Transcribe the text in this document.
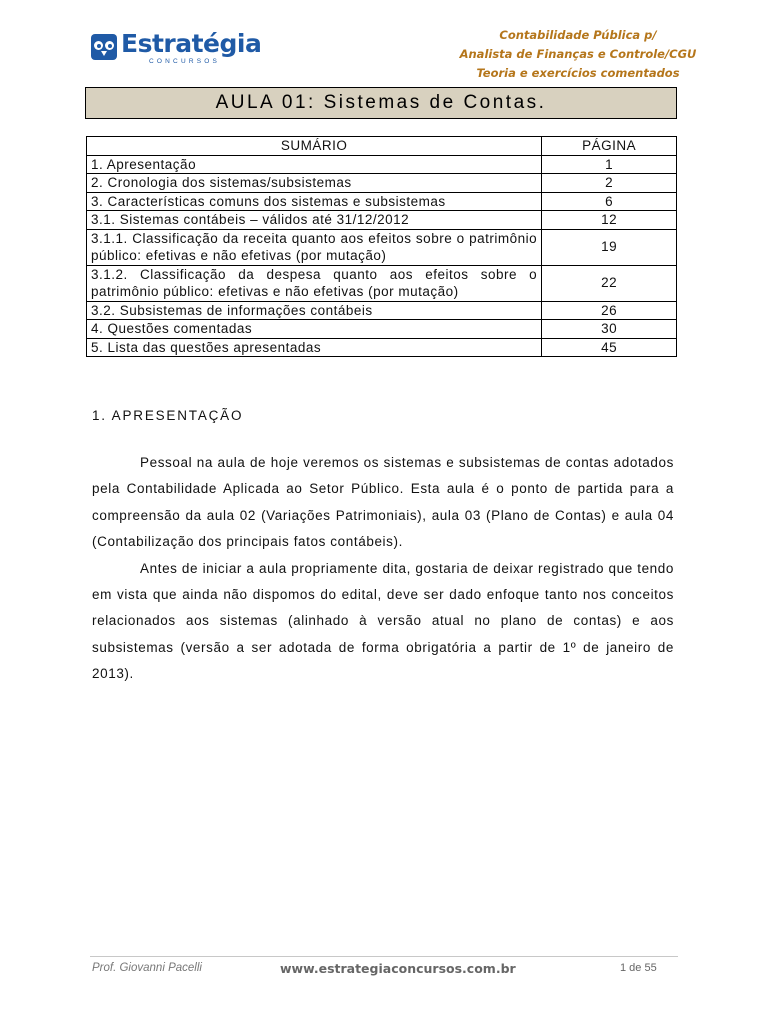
Estratégia
CONCURSOS
Contabilidade Pública p/
Analista de Finanças e Controle/CGU
Teoria e exercícios comentados
AULA 01: Sistemas de Contas.
SUMÁRIO	PÁGINA
1. Apresentação	1
2. Cronologia dos sistemas/subsistemas	2
3. Características comuns dos sistemas e subsistemas	6
3.1. Sistemas contábeis – válidos até 31/12/2012	12
3.1.1. Classificação da receita quanto aos efeitos sobre o patrimônio público: efetivas e não efetivas (por mutação)	19
3.1.2. Classificação da despesa quanto aos efeitos sobre o patrimônio público: efetivas e não efetivas (por mutação)	22
3.2. Subsistemas de informações contábeis	26
4. Questões comentadas	30
5. Lista das questões apresentadas	45
1. APRESENTAÇÃO

Pessoal na aula de hoje veremos os sistemas e subsistemas de contas adotados pela Contabilidade Aplicada ao Setor Público. Esta aula é o ponto de partida para a compreensão da aula 02 (Variações Patrimoniais), aula 03 (Plano de Contas) e aula 04 (Contabilização dos principais fatos contábeis).

Antes de iniciar a aula propriamente dita, gostaria de deixar registrado que tendo em vista que ainda não dispomos do edital, deve ser dado enfoque tanto nos conceitos relacionados aos sistemas (alinhado à versão atual no plano de contas) e aos subsistemas (versão a ser adotada de forma obrigatória a partir de 1º de janeiro de 2013).

Prof. Giovanni Pacelli	www.estrategiaconcursos.com.br	1 de 55
